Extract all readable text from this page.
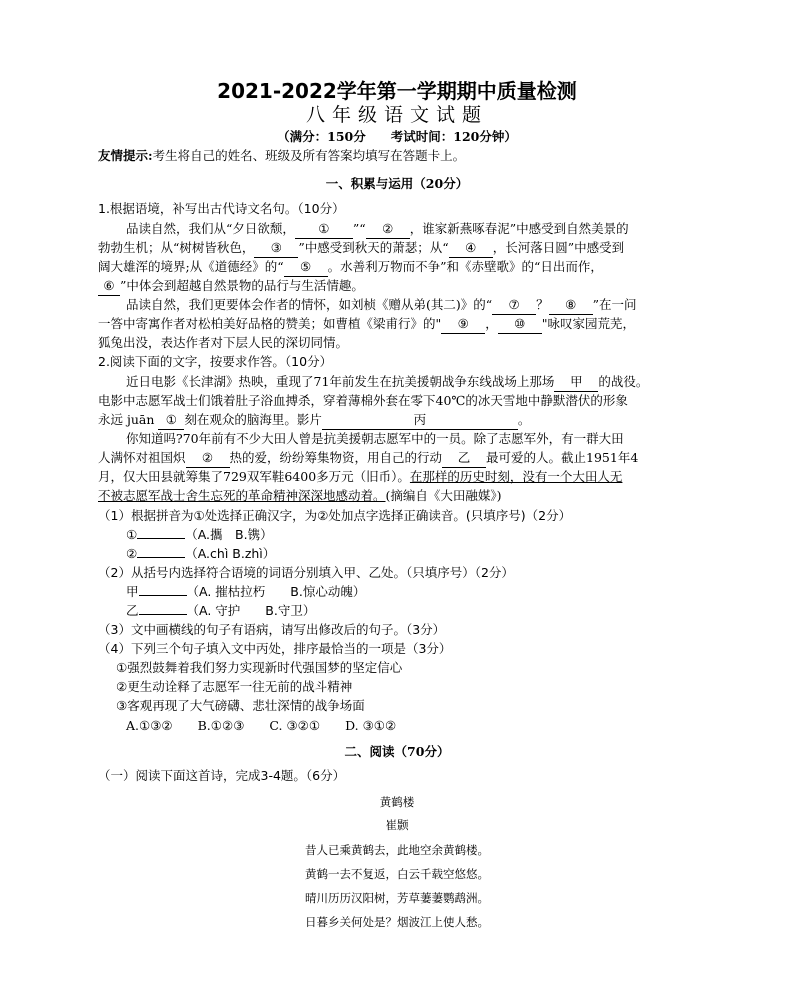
2021-2022学年第一学期期中质量检测
八年级语文试题
（满分：150分　　考试时间：120分钟）
友情提示:考生将自己的姓名、班级及所有答案均填写在答题卡上。
一、积累与运用（20分）
1.根据语境，补写出古代诗文名句。（10分）
品读自然，我们从“夕日欲颓， ① ”“ ② ，谁家新燕啄春泥”中感受到自然美景的
勃勃生机；从“树树皆秋色， ③ ”中感受到秋天的萧瑟；从“ ④ ，长河落日圆”中感受到
阔大雄浑的境界;从《道德经》的“ ⑤ 。水善利万物而不争”和《赤壁歌》的“日出而作，
⑥ ”中体会到超越自然景物的品行与生活情趣。
品读自然，我们更要体会作者的情怀，如刘桢《赠从弟(其二)》的“ ⑦ ？ ⑧ ”在一问
一答中寄寓作者对松柏美好品格的赞美；如曹植《梁甫行》的" ⑨ ， ⑩ "咏叹家园荒芜，
狐兔出没，表达作者对下层人民的深切同情。
2.阅读下面的文字，按要求作答。（10分）
近日电影《长津湖》热映，重现了71年前发生在抗美援朝战争东线战场上那场 甲 的战役。
电影中志愿军战士们饿着肚子浴血搏杀，穿着薄棉外套在零下40℃的冰天雪地中静默潜伏的形象
永远 juān ① 刻在观众的脑海里。影片	丙	。
你知道吗?70年前有不少大田人曾是抗美援朝志愿军中的一员。除了志愿军外，有一群大田
人满怀对祖国炽 ② 热的爱，纷纷筹集物资，用自己的行动 乙 最可爱的人。截止1951年4
月，仅大田县就筹集了729双军鞋6400多万元（旧币）。在那样的历史时刻，没有一个大田人无
不被志愿军战士舍生忘死的革命精神深深地感动着。(摘编自《大田融媒》)
（1）根据拼音为①处选择正确汉字，为②处加点字选择正确读音。(只填序号)（2分）
①	（A.攜　B.镌）
②	（A.chì B.zhì）
（2）从括号内选择符合语境的词语分别填入甲、乙处。（只填序号）（2分）
甲	（A. 摧枯拉朽　　B.惊心动魄）
乙	（A. 守护　　B.守卫）
（3）文中画横线的句子有语病，请写出修改后的句子。（3分）
（4）下列三个句子填入文中丙处，排序最恰当的一项是（3分）
①强烈鼓舞着我们努力实现新时代强国梦的坚定信心
②更生动诠释了志愿军一往无前的战斗精神
③客观再现了大气磅礴、悲壮深情的战争场面
A.①③②　　B.①②③　　C. ③②①　　D. ③①②
二、阅读（70分）
（一）阅读下面这首诗，完成3-4题。（6分）
黄鹤楼
崔颢
昔人已乘黄鹤去，此地空余黄鹤楼。
黄鹤一去不复返，白云千载空悠悠。
晴川历历汉阳树，芳草萋萋鹦鹉洲。
日暮乡关何处是？烟波江上使人愁。
